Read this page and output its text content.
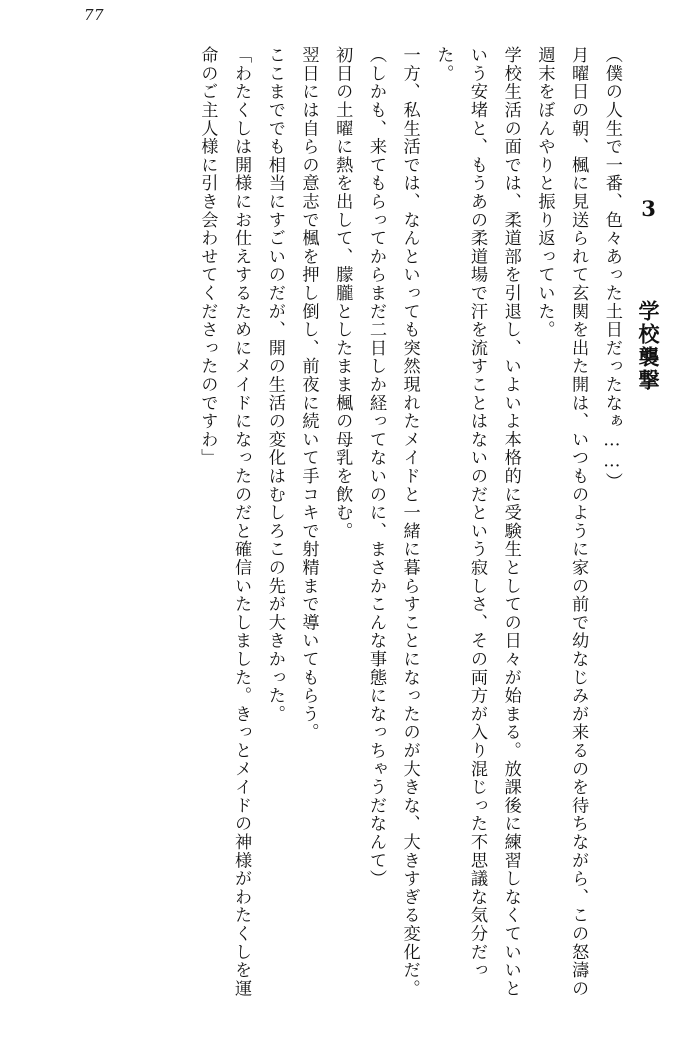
77
3 　 学校襲撃

（僕の人生で一番、色々あった土日だったなぁ……）

月曜日の朝、楓に見送られて玄関を出た開は、いつものように家の前で幼なじみが来るのを待ちながら、この怒濤の週末をぼんやりと振り返っていた。

学校生活の面では、柔道部を引退し、いよいよ本格的に受験生としての日々が始まる。放課後に練習しなくていいという安堵と、もうあの柔道場で汗を流すことはないのだという寂しさ、その両方が入り混じった不思議な気分だった。

一方、私生活では、なんといっても突然現れたメイドと一緒に暮らすことになったのが大きな、大きすぎる変化だ。

（しかも、来てもらってからまだ二日しか経ってないのに、まさかこんな事態になっちゃうだなんて）

初日の土曜に熱を出して、朦朧としたまま楓の母乳を飲む。

翌日には自らの意志で楓を押し倒し、前夜に続いて手コキで射精まで導いてもらう。

ここまででも相当にすごいのだが、開の生活の変化はむしろこの先が大きかった。

「わたくしは開様にお仕えするためにメイドになったのだと確信いたしました。きっとメイドの神様がわたくしを運命のご主人様に引き会わせてくださったのですわ」
